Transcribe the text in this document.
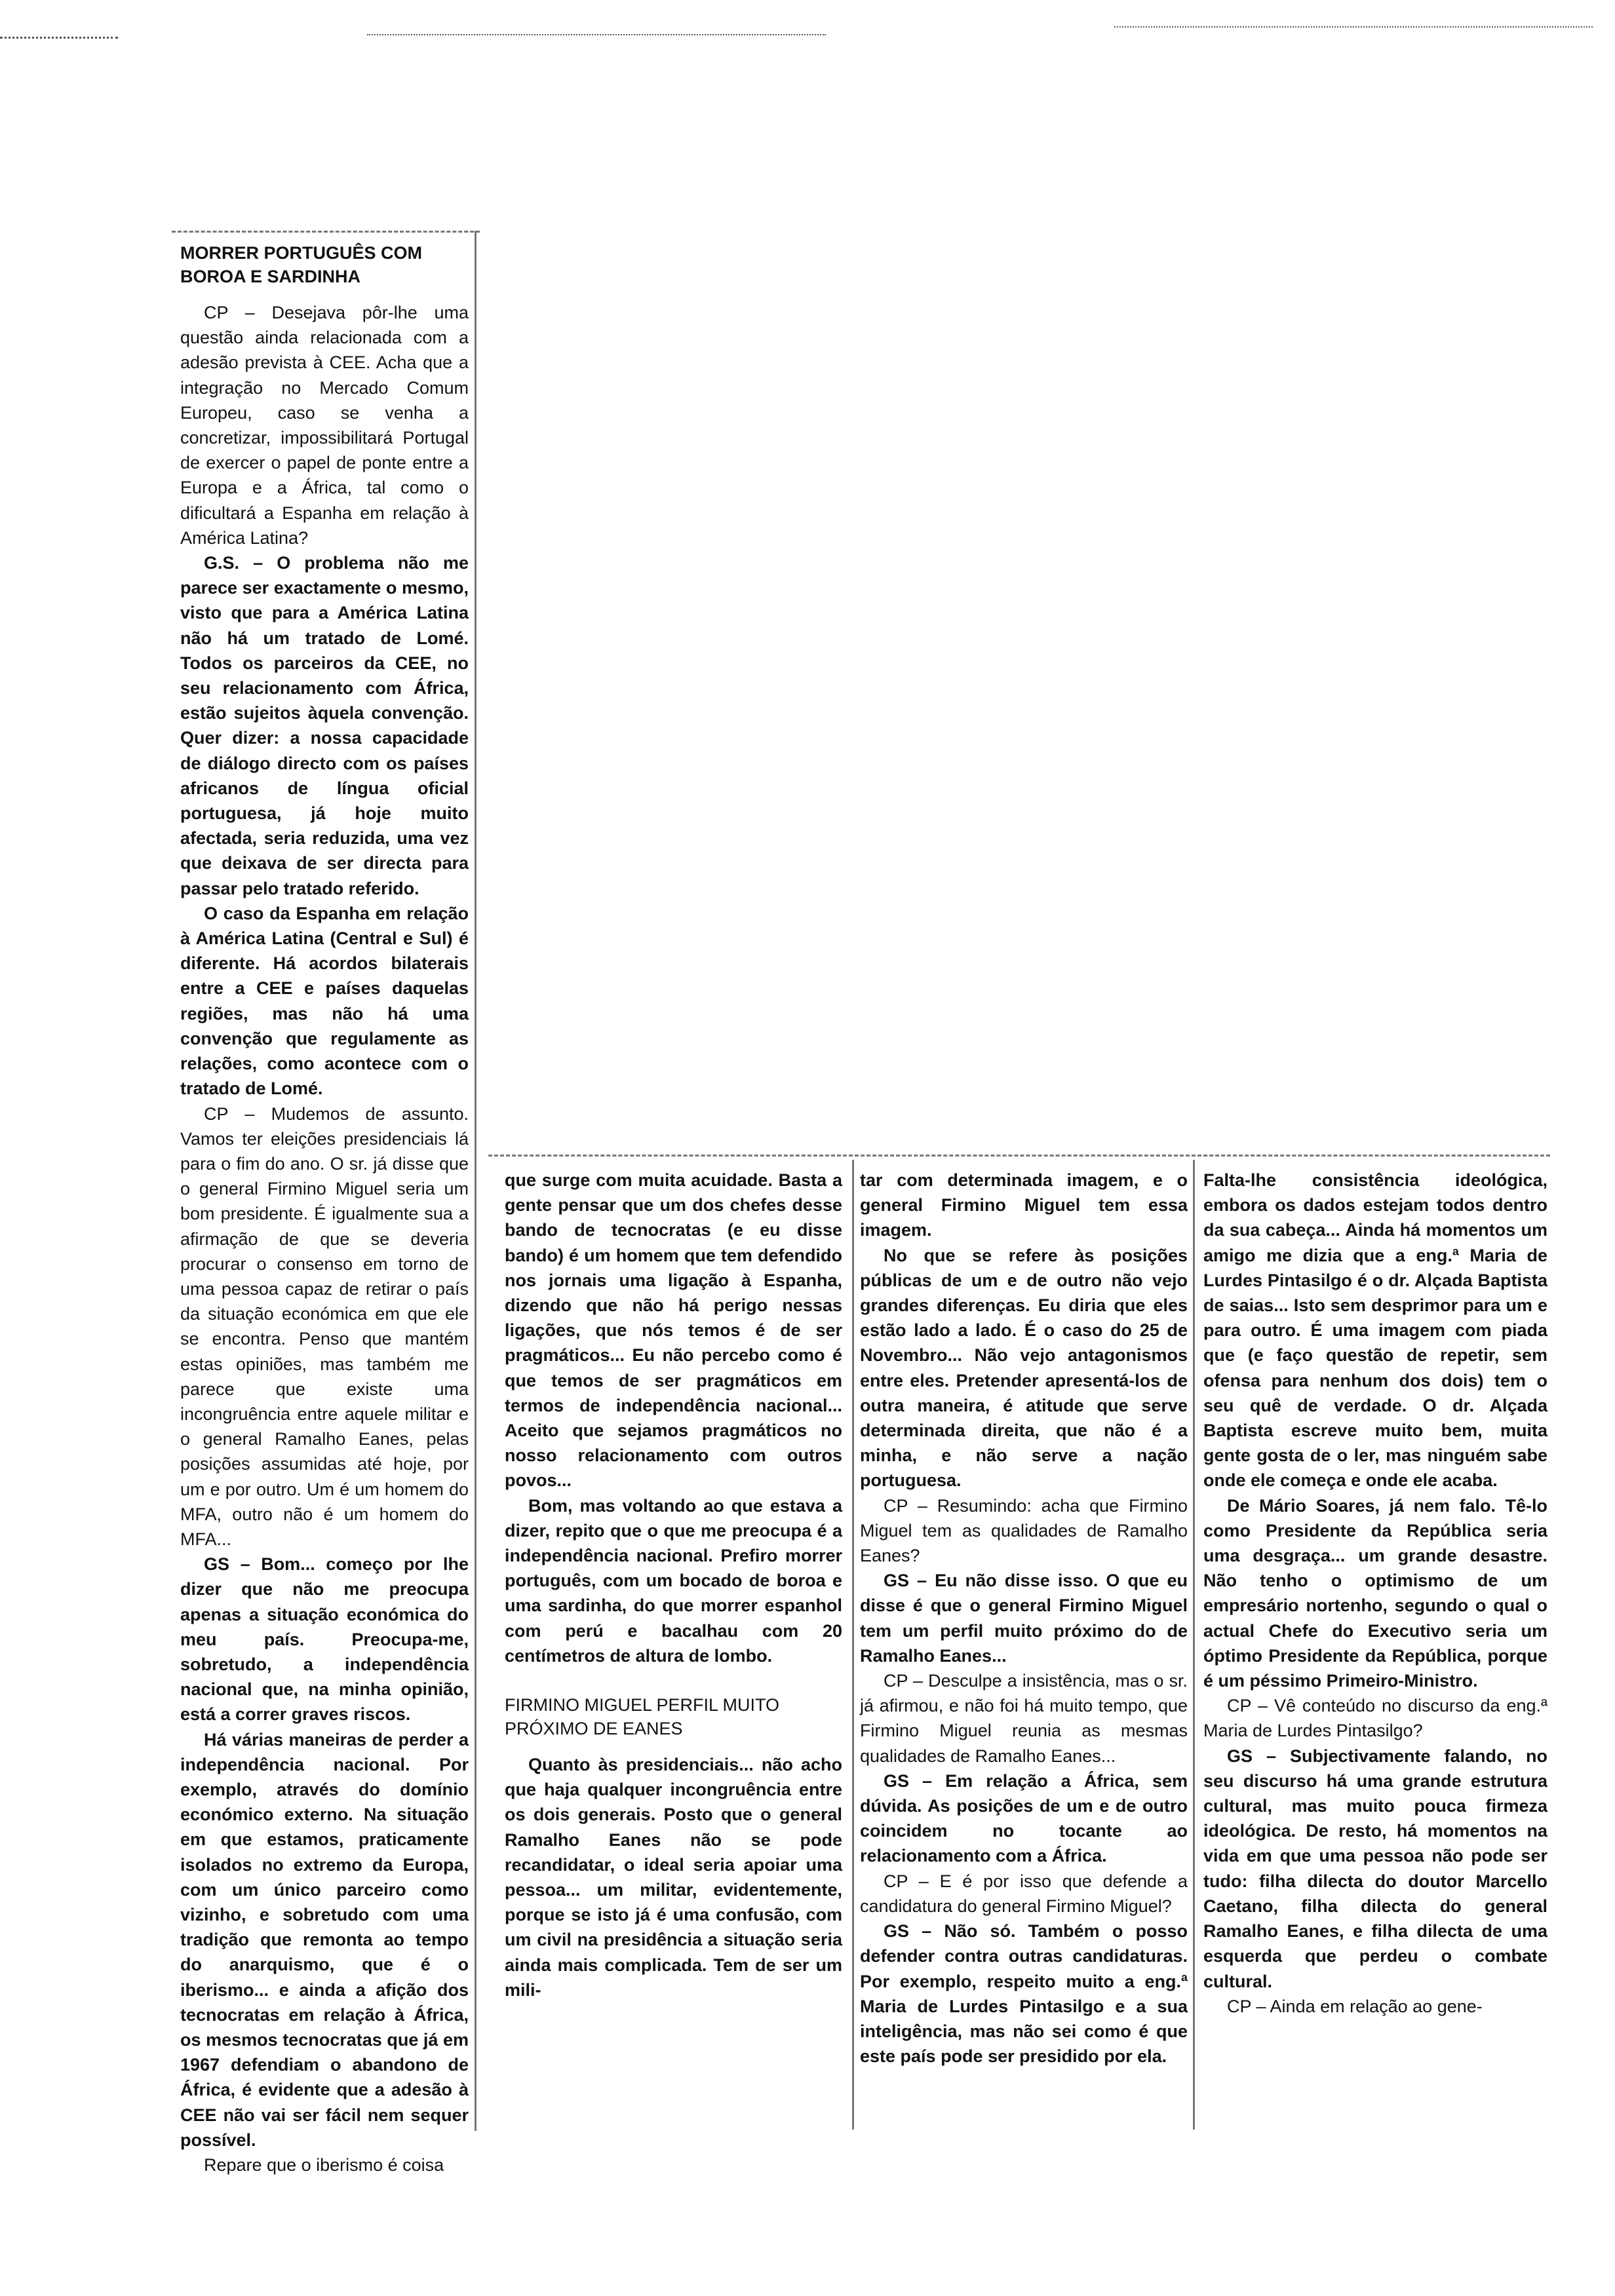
MORRER PORTUGUÊS COM BOROA E SARDINHA

CP – Desejava pôr-lhe uma questão ainda relacionada com a adesão prevista à CEE. Acha que a integração no Mercado Comum Europeu, caso se venha a concretizar, impossibilitará Portugal de exercer o papel de ponte entre a Europa e a África, tal como o dificultará a Espanha em relação à América Latina?

G.S. – O problema não me parece ser exactamente o mesmo, visto que para a América Latina não há um tratado de Lomé. Todos os parceiros da CEE, no seu relacionamento com África, estão sujeitos àquela convenção. Quer dizer: a nossa capacidade de diálogo directo com os países africanos de língua oficial portuguesa, já hoje muito afectada, seria reduzida, uma vez que deixava de ser directa para passar pelo tratado referido.

O caso da Espanha em relação à América Latina (Central e Sul) é diferente. Há acordos bilaterais entre a CEE e países daquelas regiões, mas não há uma convenção que regulamente as relações, como acontece com o tratado de Lomé.

CP – Mudemos de assunto. Vamos ter eleições presidenciais lá para o fim do ano. O sr. já disse que o general Firmino Miguel seria um bom presidente. É igualmente sua a afirmação de que se deveria procurar o consenso em torno de uma pessoa capaz de retirar o país da situação económica em que ele se encontra. Penso que mantém estas opiniões, mas também me parece que existe uma incongruência entre aquele militar e o general Ramalho Eanes, pelas posições assumidas até hoje, por um e por outro. Um é um homem do MFA, outro não é um homem do MFA...

GS – Bom... começo por lhe dizer que não me preocupa apenas a situação económica do meu país. Preocupa-me, sobretudo, a independência nacional que, na minha opinião, está a correr graves riscos.

Há várias maneiras de perder a independência nacional. Por exemplo, através do domínio económico externo. Na situação em que estamos, praticamente isolados no extremo da Europa, com um único parceiro como vizinho, e sobretudo com uma tradição que remonta ao tempo do anarquismo, que é o iberismo... e ainda a afição dos tecnocratas em relação à África, os mesmos tecnocratas que já em 1967 defendiam o abandono de África, é evidente que a adesão à CEE não vai ser fácil nem sequer possível.

Repare que o iberismo é coisa

que surge com muita acuidade. Basta a gente pensar que um dos chefes desse bando de tecnocratas (e eu disse bando) é um homem que tem defendido nos jornais uma ligação à Espanha, dizendo que não há perigo nessas ligações, que nós temos é de ser pragmáticos... Eu não percebo como é que temos de ser pragmáticos em termos de independência nacional... Aceito que sejamos pragmáticos no nosso relacionamento com outros povos...

Bom, mas voltando ao que estava a dizer, repito que o que me preocupa é a independência nacional. Prefiro morrer português, com um bocado de boroa e uma sardinha, do que morrer espanhol com perú e bacalhau com 20 centímetros de altura de lombo.

FIRMINO MIGUEL PERFIL MUITO PRÓXIMO DE EANES

Quanto às presidenciais... não acho que haja qualquer incongruência entre os dois generais. Posto que o general Ramalho Eanes não se pode recandidatar, o ideal seria apoiar uma pessoa... um militar, evidentemente, porque se isto já é uma confusão, com um civil na presidência a situação seria ainda mais complicada. Tem de ser um mili-

tar com determinada imagem, e o general Firmino Miguel tem essa imagem.

No que se refere às posições públicas de um e de outro não vejo grandes diferenças. Eu diria que eles estão lado a lado. É o caso do 25 de Novembro... Não vejo antagonismos entre eles. Pretender apresentá-los de outra maneira, é atitude que serve determinada direita, que não é a minha, e não serve a nação portuguesa.

CP – Resumindo: acha que Firmino Miguel tem as qualidades de Ramalho Eanes?

GS – Eu não disse isso. O que eu disse é que o general Firmino Miguel tem um perfil muito próximo do de Ramalho Eanes...

CP – Desculpe a insistência, mas o sr. já afirmou, e não foi há muito tempo, que Firmino Miguel reunia as mesmas qualidades de Ramalho Eanes...

GS – Em relação a África, sem dúvida. As posições de um e de outro coincidem no tocante ao relacionamento com a África.

CP – E é por isso que defende a candidatura do general Firmino Miguel?

GS – Não só. Também o posso defender contra outras candidaturas. Por exemplo, respeito muito a eng.ª Maria de Lurdes Pintasilgo e a sua inteligência, mas não sei como é que este país pode ser presidido por ela.

Falta-lhe consistência ideológica, embora os dados estejam todos dentro da sua cabeça... Ainda há momentos um amigo me dizia que a eng.ª Maria de Lurdes Pintasilgo é o dr. Alçada Baptista de saias... Isto sem desprimor para um e para outro. É uma imagem com piada que (e faço questão de repetir, sem ofensa para nenhum dos dois) tem o seu quê de verdade. O dr. Alçada Baptista escreve muito bem, muita gente gosta de o ler, mas ninguém sabe onde ele começa e onde ele acaba.

De Mário Soares, já nem falo. Tê-lo como Presidente da República seria uma desgraça... um grande desastre. Não tenho o optimismo de um empresário nortenho, segundo o qual o actual Chefe do Executivo seria um óptimo Presidente da República, porque é um péssimo Primeiro-Ministro.

CP – Vê conteúdo no discurso da eng.ª Maria de Lurdes Pintasilgo?

GS – Subjectivamente falando, no seu discurso há uma grande estrutura cultural, mas muito pouca firmeza ideológica. De resto, há momentos na vida em que uma pessoa não pode ser tudo: filha dilecta do doutor Marcello Caetano, filha dilecta do general Ramalho Eanes, e filha dilecta de uma esquerda que perdeu o combate cultural.

CP – Ainda em relação ao gene-
